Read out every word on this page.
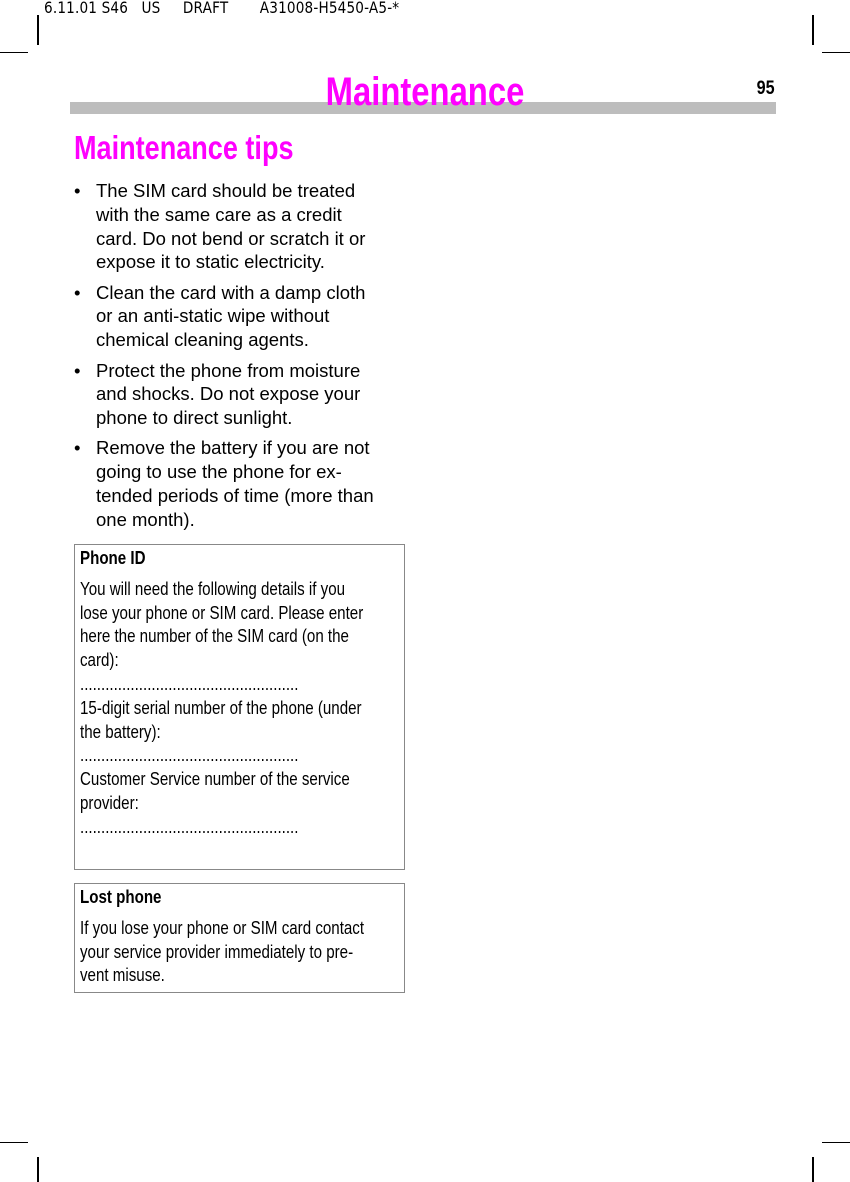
6.11.01 S46   US     DRAFT       A31008-H5450-A5-*
Maintenance	95
Maintenance tips
• The SIM card should be treated
with the same care as a credit
card. Do not bend or scratch it or
expose it to static electricity.
• Clean the card with a damp cloth
or an anti-static wipe without
chemical cleaning agents.
• Protect the phone from moisture
and shocks. Do not expose your
phone to direct sunlight.
• Remove the battery if you are not
going to use the phone for ex-
tended periods of time (more than
one month).
Phone ID
You will need the following details if you
lose your phone or SIM card. Please enter
here the number of the SIM card (on the
card):
....................................................
15-digit serial number of the phone (under
the battery):
....................................................
Customer Service number of the service
provider:
....................................................
Lost phone
If you lose your phone or SIM card contact
your service provider immediately to pre-
vent misuse.
